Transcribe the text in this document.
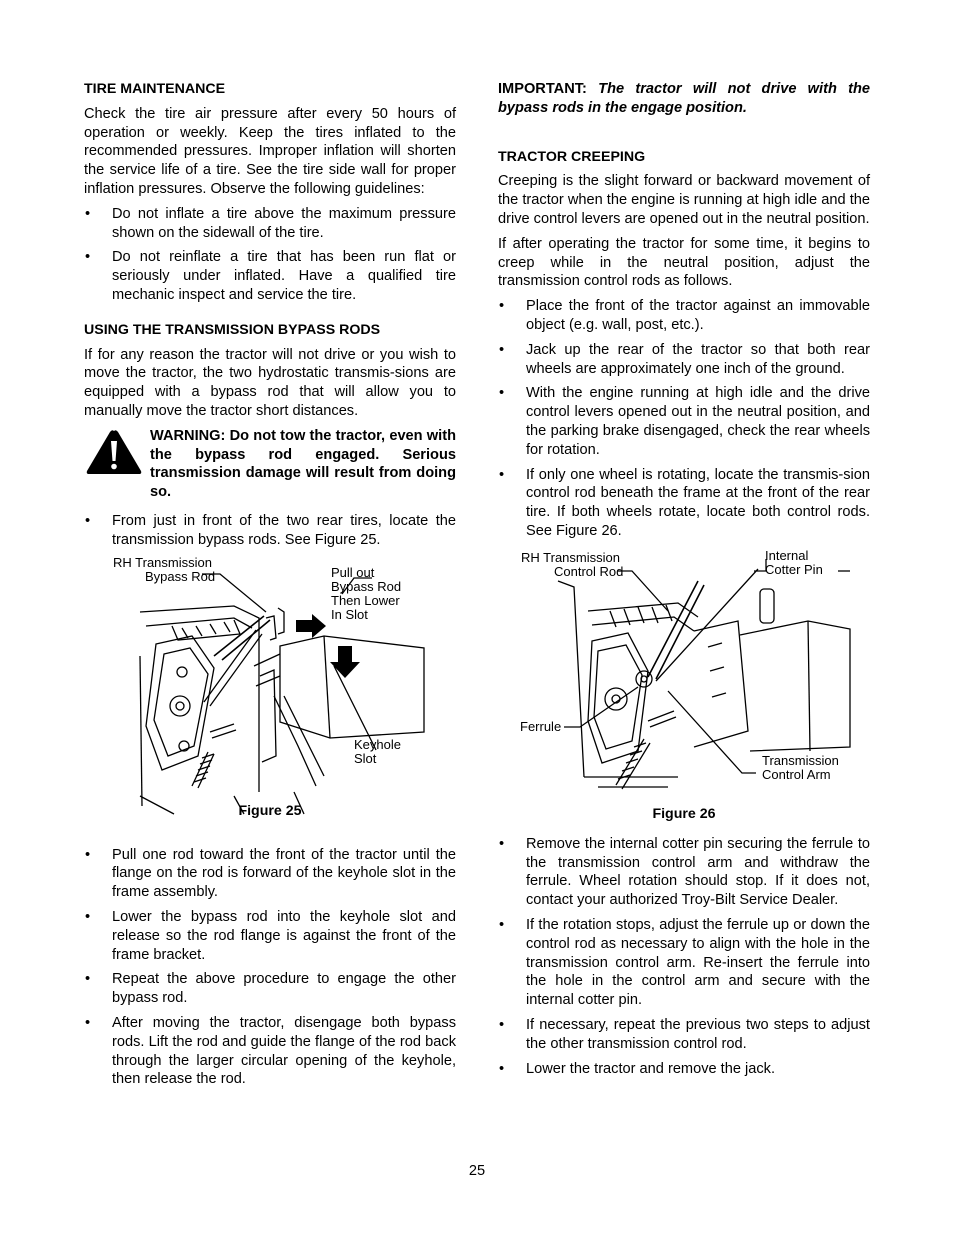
TIRE MAINTENANCE

Check the tire air pressure after every 50 hours of operation or weekly. Keep the tires inflated to the recommended pressures. Improper inflation will shorten the service life of a tire. See the tire side wall for proper inflation pressures. Observe the following guidelines:

• Do not inflate a tire above the maximum pressure shown on the sidewall of the tire.
• Do not reinflate a tire that has been run flat or seriously under inflated. Have a qualified tire mechanic inspect and service the tire.
USING THE TRANSMISSION BYPASS RODS

If for any reason the tractor will not drive or you wish to move the tractor, the two hydrostatic transmis-sions are equipped with a bypass rod that will allow you to manually move the tractor short distances.

WARNING: Do not tow the tractor, even with the bypass rod engaged. Serious transmission damage will result from doing so.
• From just in front of the two rear tires, locate the transmission bypass rods. See Figure 25.
RH Transmission
Bypass Rod	Pull out
Bypass Rod
Then Lower
In Slot
Keyhole
Slot
Figure 25
• Pull one rod toward the front of the tractor until the flange on the rod is forward of the keyhole slot in the frame assembly.
• Lower the bypass rod into the keyhole slot and release so the rod flange is against the front of the frame bracket.
• Repeat the above procedure to engage the other bypass rod.
• After moving the tractor, disengage both bypass rods. Lift the rod and guide the flange of the rod back through the larger circular opening of the keyhole, then release the rod.
IMPORTANT: The tractor will not drive with the bypass rods in the engage position.
TRACTOR CREEPING

Creeping is the slight forward or backward movement of the tractor when the engine is running at high idle and the drive control levers are opened out in the neutral position.

If after operating the tractor for some time, it begins to creep while in the neutral position, adjust the transmission control rods as follows.

• Place the front of the tractor against an immovable object (e.g. wall, post, etc.).
• Jack up the rear of the tractor so that both rear wheels are approximately one inch of the ground.
• With the engine running at high idle and the drive control levers opened out in the neutral position, and the parking brake disengaged, check the rear wheels for rotation.
• If only one wheel is rotating, locate the transmis-sion control rod beneath the frame at the front of the rear tire. If both wheels rotate, locate both control rods. See Figure 26.
RH Transmission
Control Rod
Internal
Cotter Pin
Ferrule
Transmission
Control Arm
Figure 26
• Remove the internal cotter pin securing the ferrule to the transmission control arm and withdraw the ferrule. Wheel rotation should stop. If it does not, contact your authorized Troy-Bilt Service Dealer.
• If the rotation stops, adjust the ferrule up or down the control rod as necessary to align with the hole in the transmission control arm. Re-insert the ferrule into the hole in the control arm and secure with the internal cotter pin.
• If necessary, repeat the previous two steps to adjust the other transmission control rod.
• Lower the tractor and remove the jack.
25
